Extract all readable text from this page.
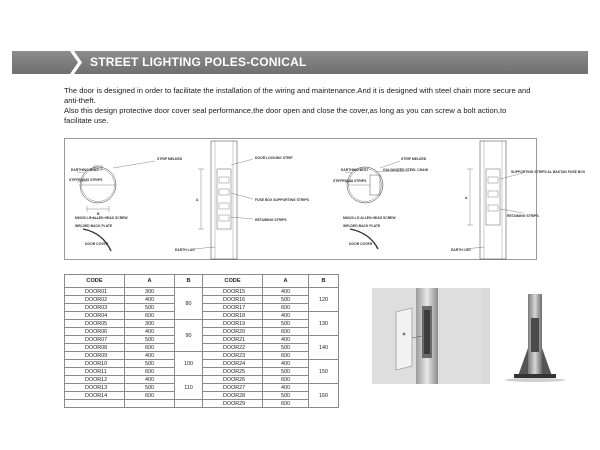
STREET LIGHTING POLES-CONICAL

The door is designed in order to facilitate the installation of the wiring and maintenance.And it is designed with steel chain more secure and anti-theft.

Also this design protective door cover seal performance,the door open and close the cover,as long as you can screw a bolt action,to facilitate use.

STRIP MELDED
EARTHING BOLT
STIFFENING STRIPS
M6X20 LG ALLEN HEAD SCREW
WELDED BACK PLATE
DOOR COVER
DOOR LOCKING STRIP
FUSE BOX SUPPORTING STRIPS
RETAINING STRIPS
EARTH LUG
A
B
STRIP MELDED
EARTHING BOLT	GALVANIZED STEEL CHAIN
STIFFENING STRIPS
SUPPORTING STRIPS AL BAKTAN FUSE BOX
RETAINING STRIPS
M6X20 LG ALLEN HEAD SCREW
WELDED BACK PLATE
DOOR COVER
EARTH LUG
A
CODE	A	B	CODE	A	B
DOOR01	300	80	DOOR15	400	120
DOOR02	400		DOOR16	500	
DOOR03	500		DOOR17	600	
DOOR04	600		DOOR18	400	130
DOOR05	300	90	DOOR19	500	
DOOR06	400		DOOR20	600	
DOOR07	500		DOOR21	400	140
DOOR08	600		DOOR22	500	
DOOR09	400	100	DOOR23	600	
DOOR10	500		DOOR24	400	150
DOOR11	600		DOOR25	500	
DOOR12	400	110	DOOR26	600	
DOOR13	500		DOOR27	400	160
DOOR14	600		DOOR28	500	
			DOOR29	600	
